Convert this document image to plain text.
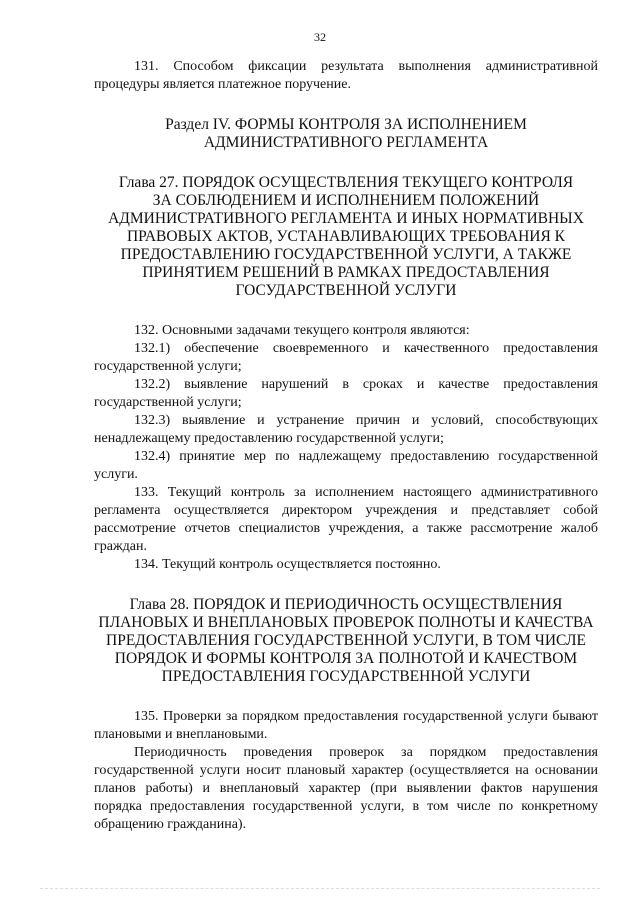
32

131. Способом фиксации результата выполнения административной процедуры является платежное поручение.

Раздел IV. ФОРМЫ КОНТРОЛЯ ЗА ИСПОЛНЕНИЕМ

АДМИНИСТРАТИВНОГО РЕГЛАМЕНТА

Глава 27. ПОРЯДОК ОСУЩЕСТВЛЕНИЯ ТЕКУЩЕГО КОНТРОЛЯ

ЗА СОБЛЮДЕНИЕМ И ИСПОЛНЕНИЕМ ПОЛОЖЕНИЙ

АДМИНИСТРАТИВНОГО РЕГЛАМЕНТА И ИНЫХ НОРМАТИВНЫХ

ПРАВОВЫХ АКТОВ, УСТАНАВЛИВАЮЩИХ ТРЕБОВАНИЯ К

ПРЕДОСТАВЛЕНИЮ ГОСУДАРСТВЕННОЙ УСЛУГИ, А ТАКЖЕ

ПРИНЯТИЕМ РЕШЕНИЙ В РАМКАХ ПРЕДОСТАВЛЕНИЯ

ГОСУДАРСТВЕННОЙ УСЛУГИ

132. Основными задачами текущего контроля являются:

132.1) обеспечение своевременного и качественного предоставления государственной услуги;

132.2) выявление нарушений в сроках и качестве предоставления государственной услуги;

132.3) выявление и устранение причин и условий, способствующих ненадлежащему предоставлению государственной услуги;

132.4) принятие мер по надлежащему предоставлению государственной услуги.

133. Текущий контроль за исполнением настоящего административного регламента осуществляется директором учреждения и представляет собой рассмотрение отчетов специалистов учреждения, а также рассмотрение жалоб граждан.

134. Текущий контроль осуществляется постоянно.

Глава 28. ПОРЯДОК И ПЕРИОДИЧНОСТЬ ОСУЩЕСТВЛЕНИЯ

ПЛАНОВЫХ И ВНЕПЛАНОВЫХ ПРОВЕРОК ПОЛНОТЫ И КАЧЕСТВА

ПРЕДОСТАВЛЕНИЯ ГОСУДАРСТВЕННОЙ УСЛУГИ, В ТОМ ЧИСЛЕ

ПОРЯДОК И ФОРМЫ КОНТРОЛЯ ЗА ПОЛНОТОЙ И КАЧЕСТВОМ

ПРЕДОСТАВЛЕНИЯ ГОСУДАРСТВЕННОЙ УСЛУГИ

135. Проверки за порядком предоставления государственной услуги бывают плановыми и внеплановыми.

Периодичность проведения проверок за порядком предоставления государственной услуги носит плановый характер (осуществляется на основании планов работы) и внеплановый характер (при выявлении фактов нарушения порядка предоставления государственной услуги, в том числе по конкретному обращению гражданина).
